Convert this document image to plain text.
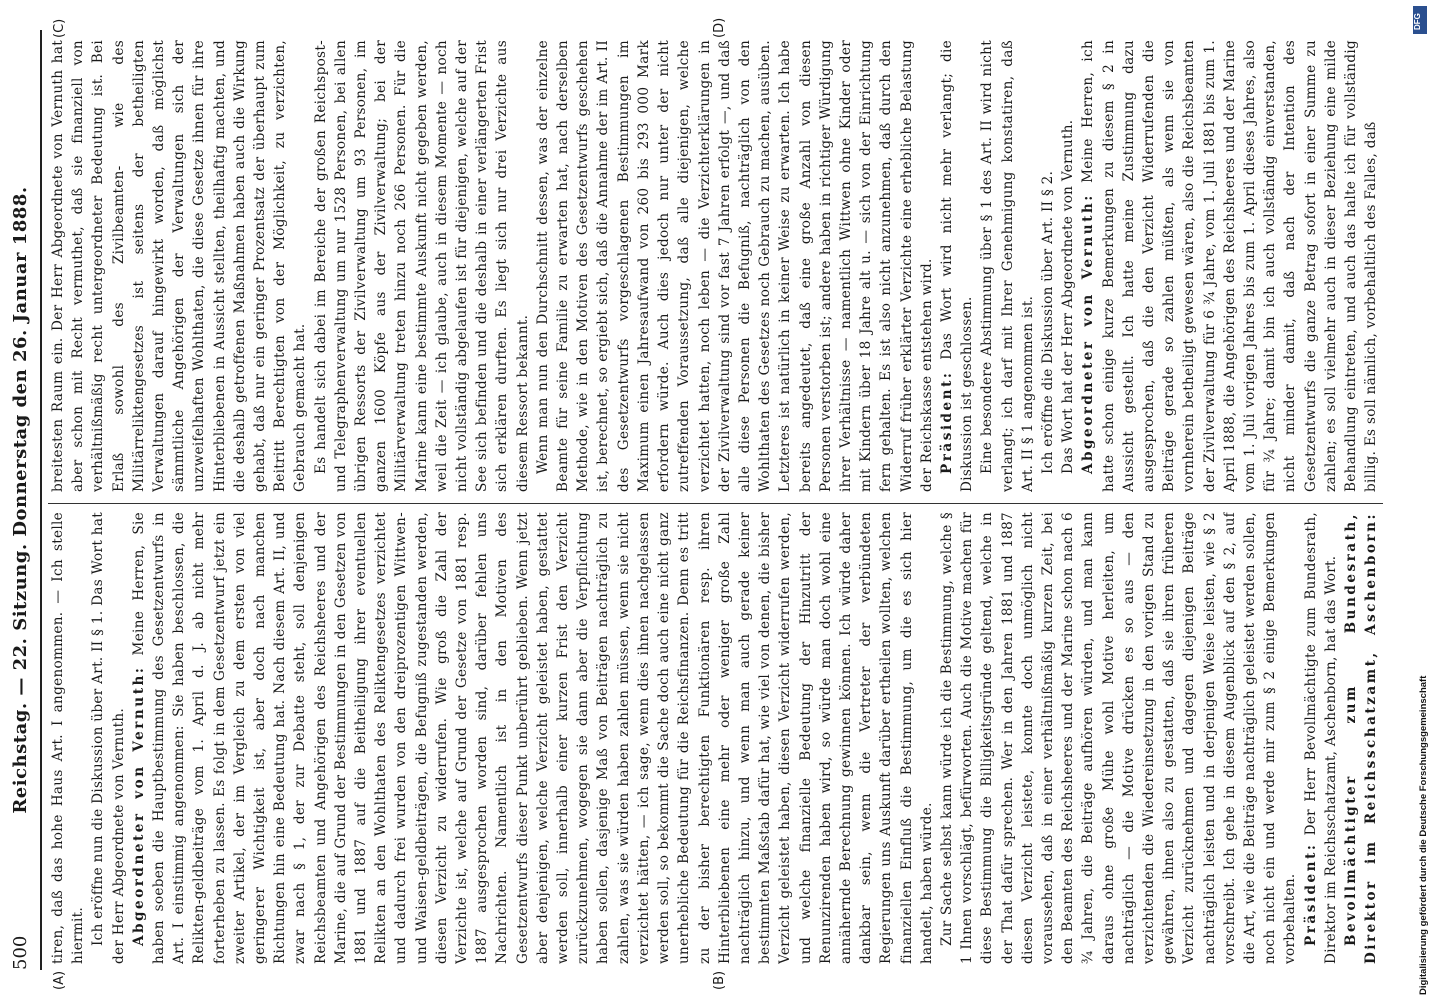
500
Reichstag. — 22. Sitzung. Donnerstag den 26. Januar 1888.
(A)	(B)
(C)	(D)

tiren, daß das hohe Haus Art. I angenommen. — Ich stelle hiermit. Ich eröffne nun die Diskussion über Art. II § 1. Das Wort hat der Herr Abgeordnete von Vernuth. Abgeordneter von Vernuth: Meine Herren, Sie haben soeben die Hauptbestimmung des Gesetzentwurfs in Art. I einstimmig angenommen: Sie haben beschlossen, die Relikten-geldbeiträge vom 1. April d. J. ab nicht mehr forterheben zu lassen. Es folgt in dem Gesetzentwurf jetzt ein zweiter Artikel, der im Vergleich zu dem ersten von viel geringerer Wichtigkeit ist, aber doch nach manchen Richtungen hin eine Bedeutung hat. Nach diesem Art. II, und zwar nach § 1, der zur Debatte steht, soll denjenigen Reichsbeamten und Angehörigen des Reichsheeres und der Marine, die auf Grund der Bestimmungen in den Gesetzen von 1881 und 1887 auf die Beitheiligung ihrer eventuellen Relikten an den Wohlthaten des Reliktengesetzes verzichtet und dadurch frei wurden von den dreiprozentigen Wittwen- und Waisen-geldbeiträgen, die Befugniß zugestanden werden, diesen Verzicht zu widerrufen. Wie groß die Zahl der Verzichte ist, welche auf Grund der Gesetze von 1881 resp. 1887 ausgesprochen worden sind, darüber fehlen uns Nachrichten. Namentlich ist in den Motiven des Gesetzentwurfs dieser Punkt unberührt geblieben. Wenn jetzt aber denjenigen, welche Verzicht geleistet haben, gestattet werden soll, innerhalb einer kurzen Frist den Verzicht zurückzunehmen, wogegen sie dann aber die Verpflichtung haben sollen, dasjenige Maß von Beiträgen nachträglich zu zahlen, was sie würden haben zahlen müssen, wenn sie nicht verzichtet hätten, — ich sage, wenn dies ihnen nachgelassen werden soll, so bekommt die Sache doch auch eine nicht ganz unerhebliche Bedeutung für die Reichsfinanzen. Denn es tritt zu der bisher berechtigten Funktionären resp. ihren Hinterbliebenen eine mehr oder weniger große Zahl nachträglich hinzu, und wenn man auch gerade keiner bestimmten Maßstab dafür hat, wie viel von denen, die bisher Verzicht geleistet haben, diesen Verzicht widerrufen werden, und welche finanzielle Bedeutung der Hinzutritt der Renunzirenden haben wird, so würde man doch wohl eine annähernde Berechnung gewinnen können. Ich würde daher dankbar sein, wenn die Vertreter der verbündeten Regierungen uns Auskunft darüber ertheilen wollten, welchen finanziellen Einfluß die Bestimmung, um die es sich hier handelt, haben würde. Zur Sache selbst kann würde ich die Bestimmung, welche § 1 Ihnen vorschlägt, befürworten. Auch die Motive machen für diese Bestimmung die Billigkeitsgründe geltend, welche in der That dafür sprechen. Wer in den Jahren 1881 und 1887 diesen Verzicht leistete, konnte doch unmöglich nicht voraussehen, daß in einer verhältnißmäßig kurzen Zeit, bei den Beamten des Reichsheeres und der Marine schon nach 6 ¾ Jahren, die Beiträge aufhören würden, und man kann daraus ohne große Mühe wohl Motive herleiten, um nachträglich — die Motive drücken es so aus — den verzichtenden die Wiedereinsetzung in den vorigen Stand zu gewähren, ihnen also zu gestatten, daß sie ihren früheren Verzicht zurücknehmen und dagegen diejenigen Beiträge nachträglich leisten und in derjenigen Weise leisten, wie § 2 vorschreibt. Ich gehe in diesem Augenblick auf den § 2, auf die Art, wie die Beiträge nachträglich geleistet werden sollen, noch nicht ein und werde mir zum § 2 einige Bemerkungen vorbehalten. Präsident: Der Herr Bevollmächtigte zum Bundesrath, Direktor im Reichsschatzamt, Aschenborn, hat das Wort. Bevollmächtigter zum Bundesrath, Direktor im Reichsschatzamt, Aschenborn:

breitesten Raum ein. Der Herr Abgeordnete von Vernuth hat aber schon mit Recht vermuthet, daß sie finanziell von verhältnißmäßig recht untergeordneter Bedeutung ist. Bei Erlaß sowohl des Zivilbeamten- wie des Militärreliktengesetzes ist seitens der betheiligten Verwaltungen darauf hingewirkt worden, daß möglichst sämmtliche Angehörigen der Verwaltungen sich der unzweifelhaften Wohlthaten, die diese Gesetze ihnen für ihre Hinterbliebenen in Aussicht stellten, theilhaftig machten, und die deshalb getroffenen Maßnahmen haben auch die Wirkung gehabt, daß nur ein geringer Prozentsatz der überhaupt zum Beitritt Berechtigten von der Möglichkeit, zu verzichten, Gebrauch gemacht hat. Es handelt sich dabei im Bereiche der großen Reichspost- und Telegraphenverwaltung um nur 1528 Personen, bei allen übrigen Ressorts der Zivilverwaltung um 93 Personen, im ganzen 1600 Köpfe aus der Zivilverwaltung; bei der Militärverwaltung treten hinzu noch 266 Personen. Für die Marine kann eine bestimmte Auskunft nicht gegeben werden, weil die Zeit — ich glaube, auch in diesem Momente — noch nicht vollständig abgelaufen ist für diejenigen, welche auf der See sich befinden und die deshalb in einer verlängerten Frist sich erklären durften. Es liegt sich nur drei Verzichte aus diesem Ressort bekannt. Wenn man nun den Durchschnitt dessen, was der einzelne Beamte für seine Familie zu erwarten hat, nach derselben Methode, wie in den Motiven des Gesetzentwurfs geschehen ist, berechnet, so ergiebt sich, daß die Annahme der im Art. II des Gesetzentwurfs vorgeschlagenen Bestimmungen im Maximum einen Jahresaufwand von 260 bis 293 000 Mark erfordern würde. Auch dies jedoch nur unter der nicht zutreffenden Voraussetzung, daß alle diejenigen, welche verzichtet hatten, noch leben — die Verzichterklärungen in der Zivilverwaltung sind vor fast 7 Jahren erfolgt —, und daß alle diese Personen die Befugniß, nachträglich von den Wohlthaten des Gesetzes noch Gebrauch zu machen, ausüben. Letzteres ist natürlich in keiner Weise zu erwarten. Ich habe bereits angedeutet, daß eine große Anzahl von diesen Personen verstorben ist; andere haben in richtiger Würdigung ihrer Verhältnisse — namentlich Wittwen ohne Kinder oder mit Kindern über 18 Jahre alt u. — sich von der Einrichtung fern gehalten. Es ist also nicht anzunehmen, daß durch den Widerruf früher erklärter Verzichte eine erhebliche Belastung der Reichskasse entstehen wird. Präsident: Das Wort wird nicht mehr verlangt; die Diskussion ist geschlossen. Eine besondere Abstimmung über § 1 des Art. II wird nicht verlangt; ich darf mit Ihrer Genehmigung konstatiren, daß Art. II § 1 angenommen ist. Ich eröffne die Diskussion über Art. II § 2. Das Wort hat der Herr Abgeordnete von Vernuth. Abgeordneter von Vernuth: Meine Herren, ich hatte schon einige kurze Bemerkungen zu diesem § 2 in Aussicht gestellt. Ich hatte meine Zustimmung dazu ausgesprochen, daß die den Verzicht Widerrufenden die Beiträge gerade so zahlen müßten, als wenn sie von vornherein betheiligt gewesen wären, also die Reichsbeamten der Zivilverwaltung für 6 ¾ Jahre, vom 1. Juli 1881 bis zum 1. April 1888, die Angehörigen des Reichsheeres und der Marine vom 1. Juli vorigen Jahres bis zum 1. April dieses Jahres, also für ¾ Jahre; damit bin ich auch vollständig einverstanden, nicht minder damit, daß nach der Intention des Gesetzentwurfs die ganze Betrag sofort in einer Summe zu zahlen; es soll vielmehr auch in dieser Beziehung eine milde Behandlung eintreten, und auch das halte ich für vollständig billig. Es soll nämlich, vorbehaltlich des Falles, daß

DFG
Digitalisierung gefördert durch die Deutsche Forschungsgemeinschaft
